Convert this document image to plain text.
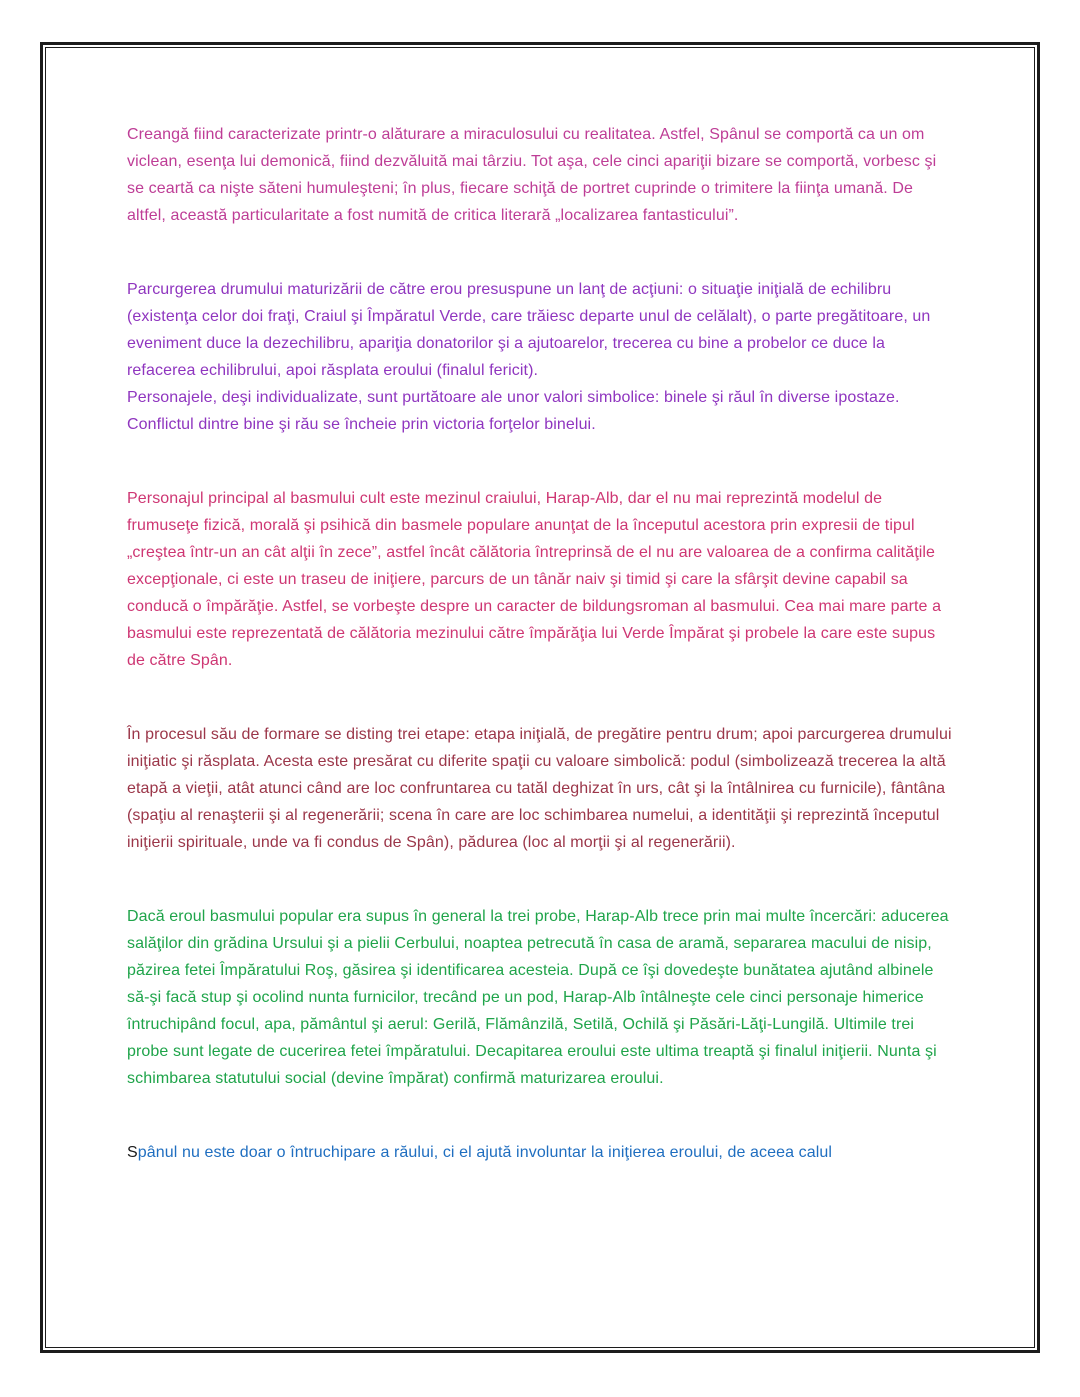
Creangă fiind caracterizate printr-o alăturare a miraculosului cu realitatea. Astfel, Spânul se comportă ca un om viclean, esenţa lui demonică, fiind dezvăluită mai târziu. Tot aşa, cele cinci apariţii bizare se comportă, vorbesc şi se ceartă ca nişte săteni humuleşteni; în plus, fiecare schiţă de portret cuprinde o trimitere la fiinţa umană. De altfel, această particularitate a fost numită de critica literară „localizarea fantasticului”.

Parcurgerea drumului maturizării de către erou presuspune un lanţ de acţiuni: o situaţie iniţială de echilibru (existenţa celor doi fraţi, Craiul şi Împăratul Verde, care trăiesc departe unul de celălalt), o parte pregătitoare, un eveniment duce la dezechilibru, apariţia donatorilor şi a ajutoarelor, trecerea cu bine a probelor ce duce la refacerea echilibrului, apoi răsplata eroului (finalul fericit).

Personajele, deşi individualizate, sunt purtătoare ale unor valori simbolice: binele şi răul în diverse ipostaze. Conflictul dintre bine şi rău se încheie prin victoria forţelor binelui.

Personajul principal al basmului cult este mezinul craiului, Harap-Alb, dar el nu mai reprezintă modelul de frumuseţe fizică, morală şi psihică din basmele populare anunţat de la începutul acestora prin expresii de tipul „creştea într-un an cât alţii în zece”, astfel încât călătoria întreprinsă de el nu are valoarea de a confirma calităţile excepţionale, ci este un traseu de iniţiere, parcurs de un tânăr naiv şi timid şi care la sfârşit devine capabil sa conducă o împărăţie. Astfel, se vorbeşte despre un caracter de bildungsroman al basmului. Cea mai mare parte a basmului este reprezentată de călătoria mezinului către împărăţia lui Verde Împărat şi probele la care este supus de către Spân.

În procesul său de formare se disting trei etape: etapa iniţială, de pregătire pentru drum; apoi parcurgerea drumului iniţiatic şi răsplata. Acesta este presărat cu diferite spaţii cu valoare simbolică: podul (simbolizează trecerea la altă etapă a vieţii, atât atunci când are loc confruntarea cu tatăl deghizat în urs, cât şi la întâlnirea cu furnicile), fântâna (spaţiu al renaşterii şi al regenerării; scena în care are loc schimbarea numelui, a identităţii şi reprezintă începutul iniţierii spirituale, unde va fi condus de Spân), pădurea (loc al morţii şi al regenerării).

Dacă eroul basmului popular era supus în general la trei probe, Harap-Alb trece prin mai multe încercări: aducerea salăţilor din grădina Ursului şi a pielii Cerbului, noaptea petrecută în casa de aramă, separarea macului de nisip, păzirea fetei Împăratului Roş, găsirea şi identificarea acesteia. După ce îşi dovedeşte bunătatea ajutând albinele să-şi facă stup şi ocolind nunta furnicilor, trecând pe un pod, Harap-Alb întâlneşte cele cinci personaje himerice întruchipând focul, apa, pământul şi aerul: Gerilă, Flămânzilă, Setilă, Ochilă şi Păsări-Lăţi-Lungilă. Ultimile trei probe sunt legate de cucerirea fetei împăratului. Decapitarea eroului este ultima treaptă şi finalul iniţierii. Nunta şi schimbarea statutului social (devine împărat) confirmă maturizarea eroului.

Spânul nu este doar o întruchipare a răului, ci el ajută involuntar la iniţierea eroului, de aceea calul
